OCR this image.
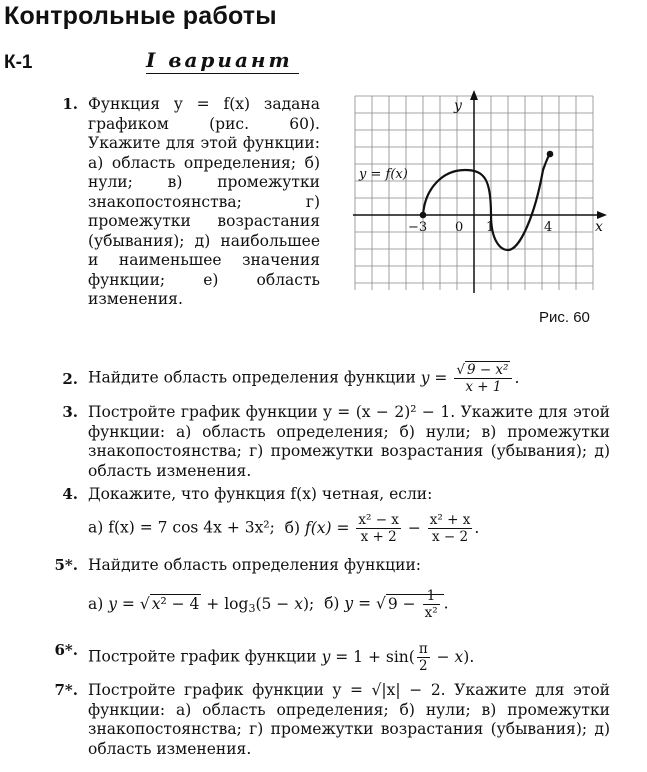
Контрольные работы
К-1	I вариант
1. Функция y = f(x) задана графиком (рис. 60). Укажите для этой функции: а) область определения; б) нули; в) промежутки знакопостоянства; г) промежутки возрастания (убывания); д) наибольшее и наименьшее значения функции; е) область изменения.
y
x
y = f(x)
−3 0 1	4
Рис. 60
2. Найдите область определения функции $y = \frac{\text{√ 9 − x²}}{x + 1}$ .
3. Постройте график функции y = (x − 2)² − 1. Укажите для этой функции: а) область определения; б) нули; в) промежутки знакопостоянства; г) промежутки возрастания (убывания); д) область изменения.
4. Докажите, что функция f(x) четная, если:
а) f(x) = 7 cos 4x + 3x²; б) $f(x) = \frac{\text{x² − x}}{x + 2} - \frac{\text{x² + x}}{x - 2}$ .
5*. Найдите область определения функции:
а) y = √ $x^2 - 4 + \log_3(5 - x)$; б) y = √ $9 - \frac{1}{\text{x²}}$ .
6*. Постройте график функции $y = 1 + \sin( \frac{\pi}{2} - x)$.
7*. Постройте график функции y = √|x| − 2. Укажите для этой функции: а) область определения; б) нули; в) промежутки знакопостоянства; г) промежутки возрастания (убывания); д) область изменения.
